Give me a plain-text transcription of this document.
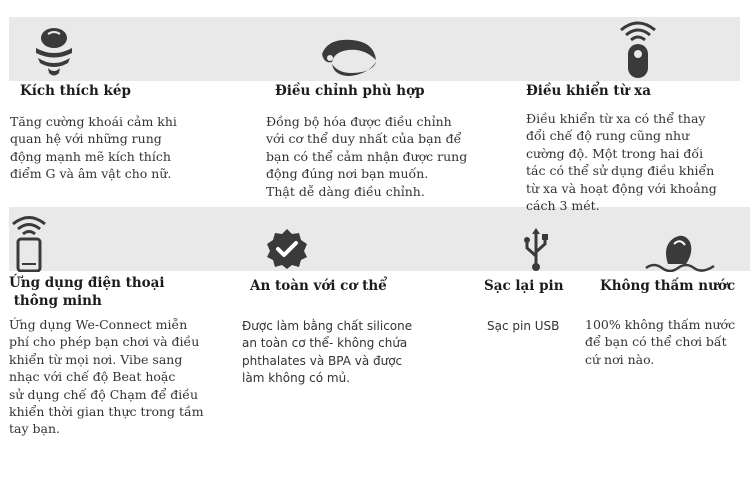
Kích thích kép
Tăng cường khoái cảm khi
quan hệ với những rung
động mạnh mẽ kích thích
điểm G và âm vật cho nữ.
Điều chỉnh phù hợp
Đồng bộ hóa được điều chỉnh
với cơ thể duy nhất của bạn để
bạn có thể cảm nhận được rung
động đúng nơi bạn muốn.
Thật dễ dàng điều chỉnh.
Điều khiển từ xa
Điều khiển từ xa có thể thay
đổi chế độ rung cũng như
cường độ. Một trong hai đối
tác có thể sử dụng điều khiển
từ xa và hoạt động với khoảng
cách 3 mét.
Ứng dụng điện thoại
thông minh
Ứng dụng We-Connect miễn
phí cho phép bạn chơi và điều
khiển từ mọi nơi. Vibe sang
nhạc với chế độ Beat hoặc
sử dụng chế độ Chạm để điều
khiển thời gian thực trong tầm
tay bạn.
An toàn với cơ thể
Được làm bằng chất silicone
an toàn cơ thể- không chứa
phthalates và BPA và được
làm không có mủ.
Sạc lại pin
Sạc pin USB
Không thấm nước
100% không thấm nước
để bạn có thể chơi bất
cứ nơi nào.
